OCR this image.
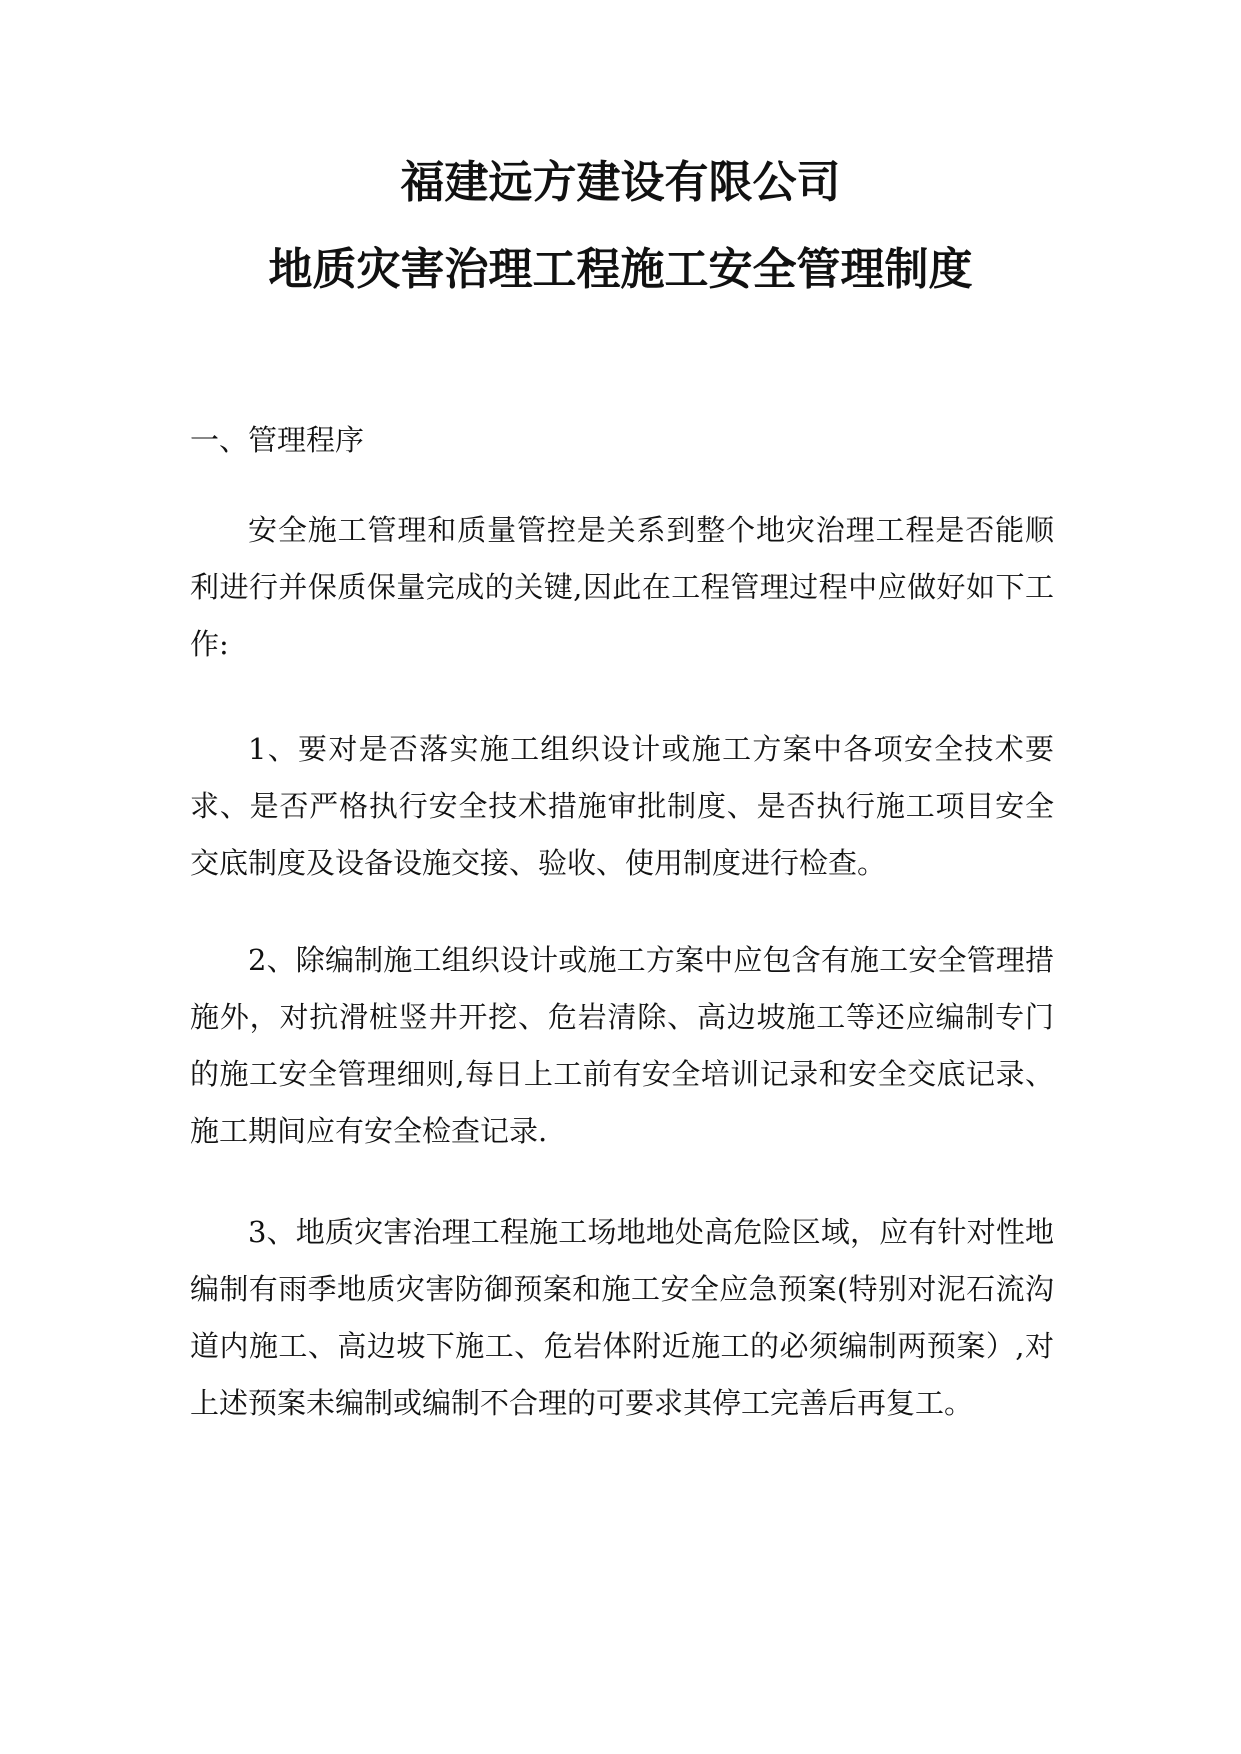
福建远方建设有限公司
地质灾害治理工程施工安全管理制度
一、管理程序

安全施工管理和质量管控是关系到整个地灾治理工程是否能顺利进行并保质保量完成的关键,因此在工程管理过程中应做好如下工作:

1、要对是否落实施工组织设计或施工方案中各项安全技术要求、是否严格执行安全技术措施审批制度、是否执行施工项目安全交底制度及设备设施交接、验收、使用制度进行检查。

2、除编制施工组织设计或施工方案中应包含有施工安全管理措施外，对抗滑桩竖井开挖、危岩清除、高边坡施工等还应编制专门的施工安全管理细则,每日上工前有安全培训记录和安全交底记录、施工期间应有安全检查记录.

3、地质灾害治理工程施工场地地处高危险区域，应有针对性地编制有雨季地质灾害防御预案和施工安全应急预案(特别对泥石流沟道内施工、高边坡下施工、危岩体附近施工的必须编制两预案）,对上述预案未编制或编制不合理的可要求其停工完善后再复工。
